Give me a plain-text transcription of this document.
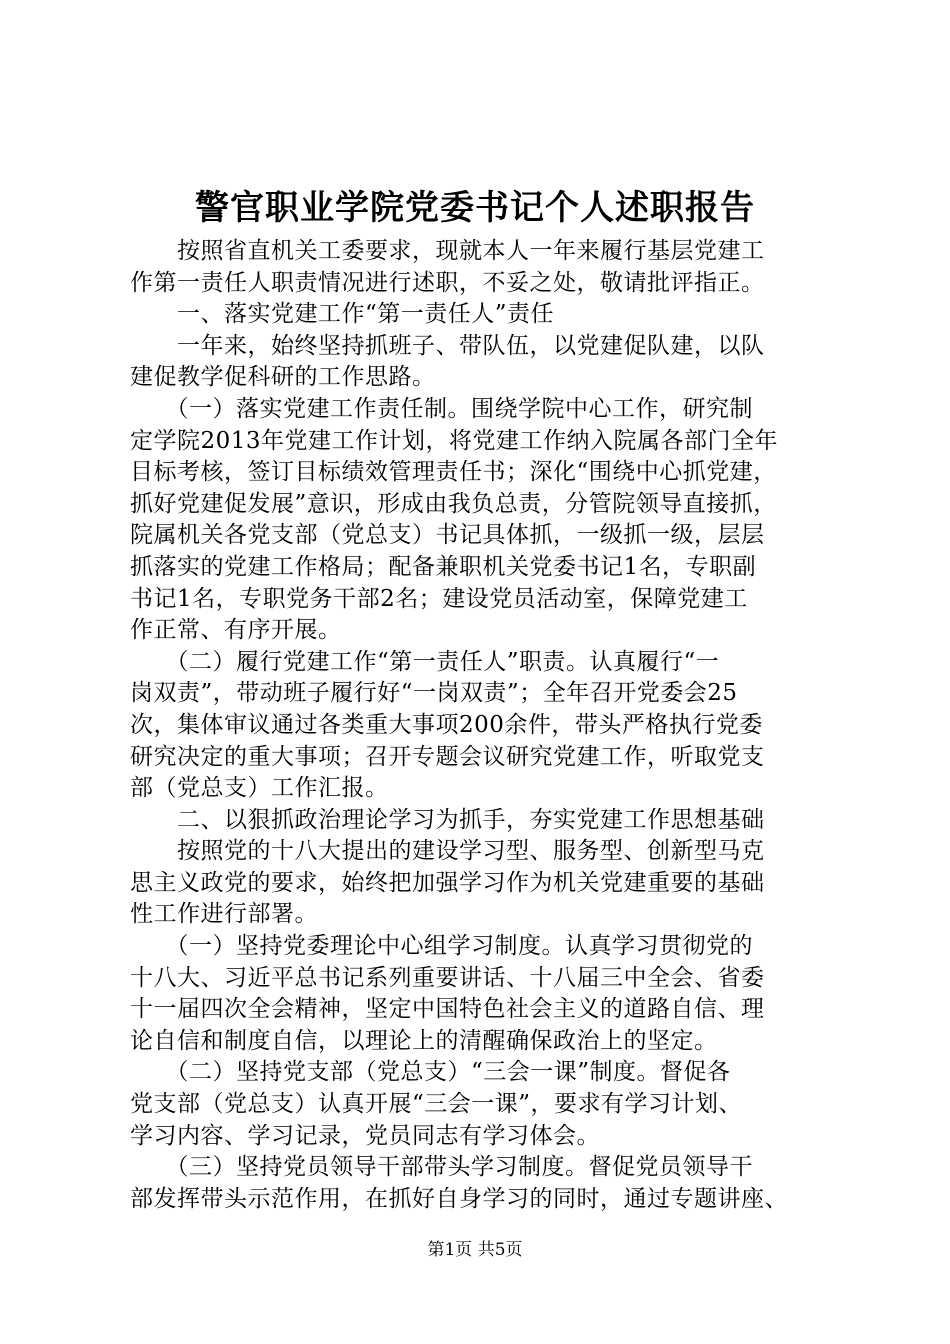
警官职业学院党委书记个人述职报告
　　按照省直机关工委要求，现就本人一年来履行基层党建工
作第一责任人职责情况进行述职，不妥之处，敬请批评指正。
　　一、落实党建工作“第一责任人”责任
　　一年来，始终坚持抓班子、带队伍，以党建促队建，以队
建促教学促科研的工作思路。
　　（一）落实党建工作责任制。围绕学院中心工作，研究制
定学院2013年党建工作计划，将党建工作纳入院属各部门全年
目标考核，签订目标绩效管理责任书；深化“围绕中心抓党建，
抓好党建促发展”意识，形成由我负总责，分管院领导直接抓，
院属机关各党支部（党总支）书记具体抓，一级抓一级，层层
抓落实的党建工作格局；配备兼职机关党委书记1名，专职副
书记1名，专职党务干部2名；建设党员活动室，保障党建工
作正常、有序开展。
　　（二）履行党建工作“第一责任人”职责。认真履行“一
岗双责”，带动班子履行好“一岗双责”；全年召开党委会25
次，集体审议通过各类重大事项200余件，带头严格执行党委
研究决定的重大事项；召开专题会议研究党建工作，听取党支
部（党总支）工作汇报。
　　二、以狠抓政治理论学习为抓手，夯实党建工作思想基础
　　按照党的十八大提出的建设学习型、服务型、创新型马克
思主义政党的要求，始终把加强学习作为机关党建重要的基础
性工作进行部署。
　　（一）坚持党委理论中心组学习制度。认真学习贯彻党的
十八大、习近平总书记系列重要讲话、十八届三中全会、省委
十一届四次全会精神，坚定中国特色社会主义的道路自信、理
论自信和制度自信，以理论上的清醒确保政治上的坚定。
　　（二）坚持党支部（党总支）“三会一课”制度。督促各
党支部（党总支）认真开展“三会一课”，要求有学习计划、
学习内容、学习记录，党员同志有学习体会。
　　（三）坚持党员领导干部带头学习制度。督促党员领导干
部发挥带头示范作用，在抓好自身学习的同时，通过专题讲座、
第1页 共5页
